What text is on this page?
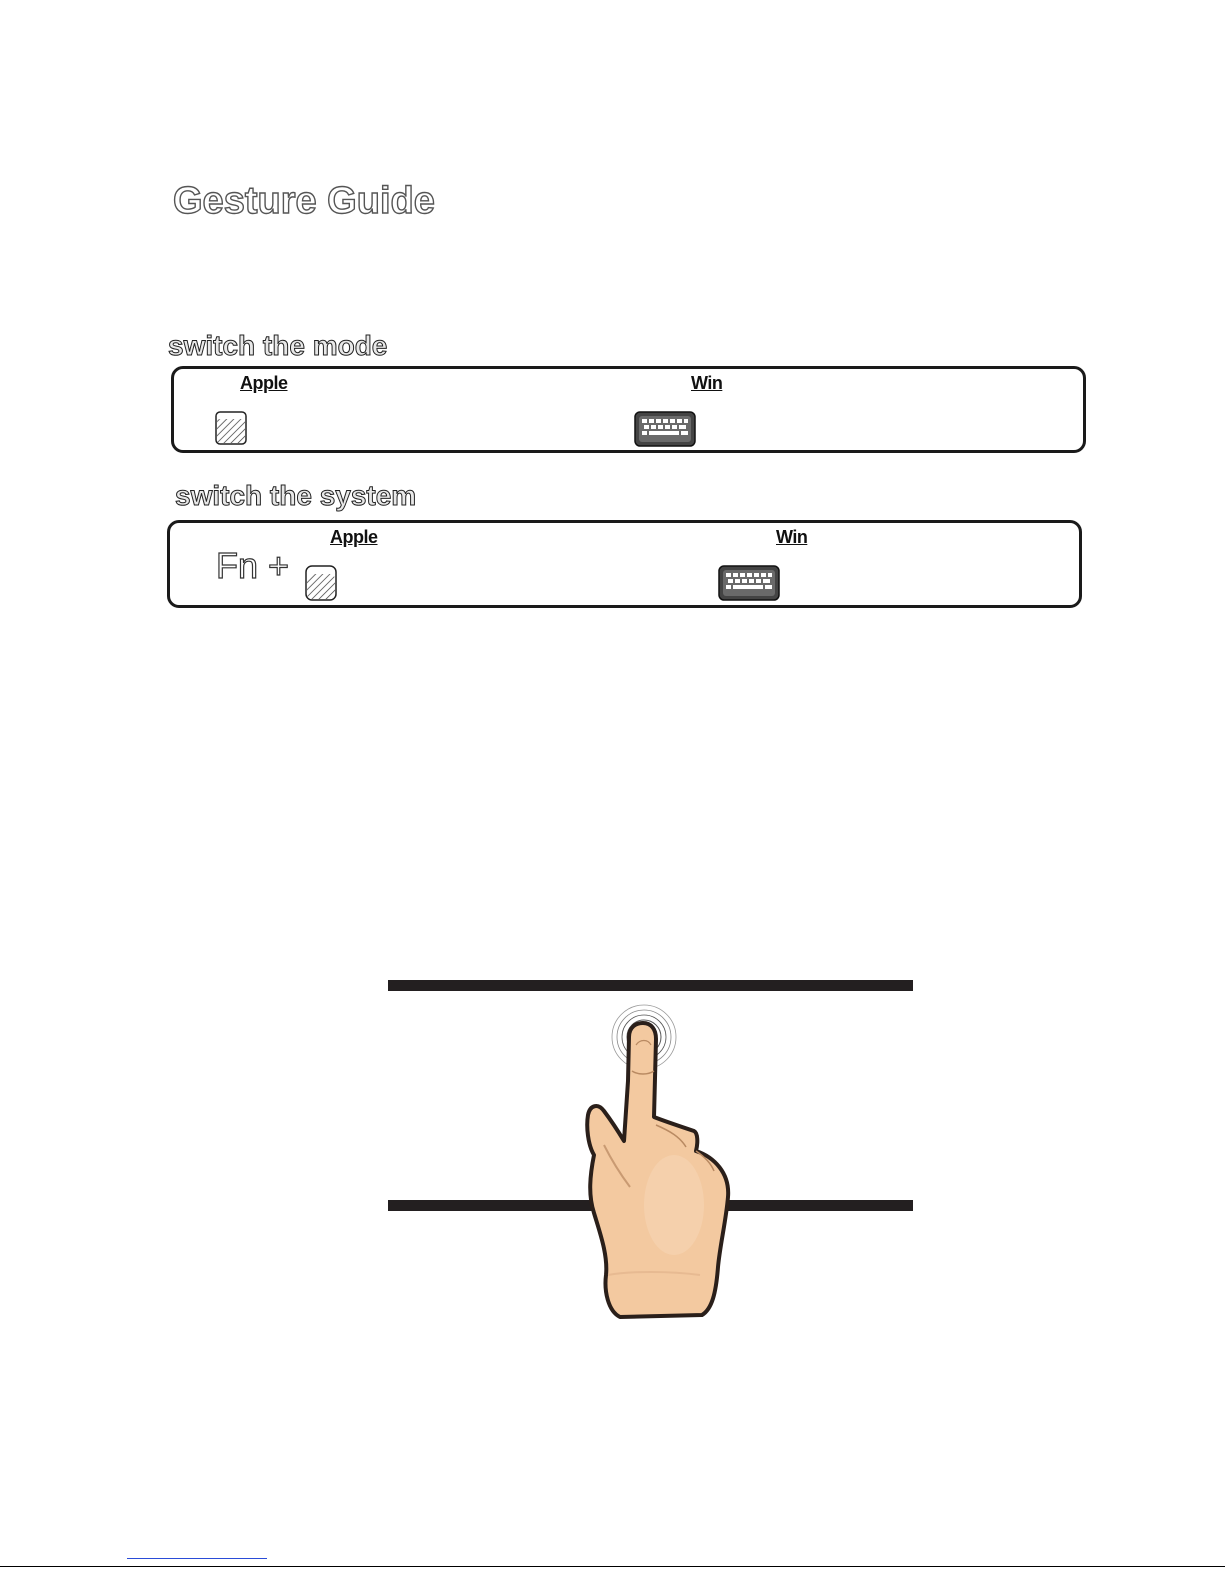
Gesture Guide
switch the mode
Apple	Win
switch the system
Fn +
Apple	Win
